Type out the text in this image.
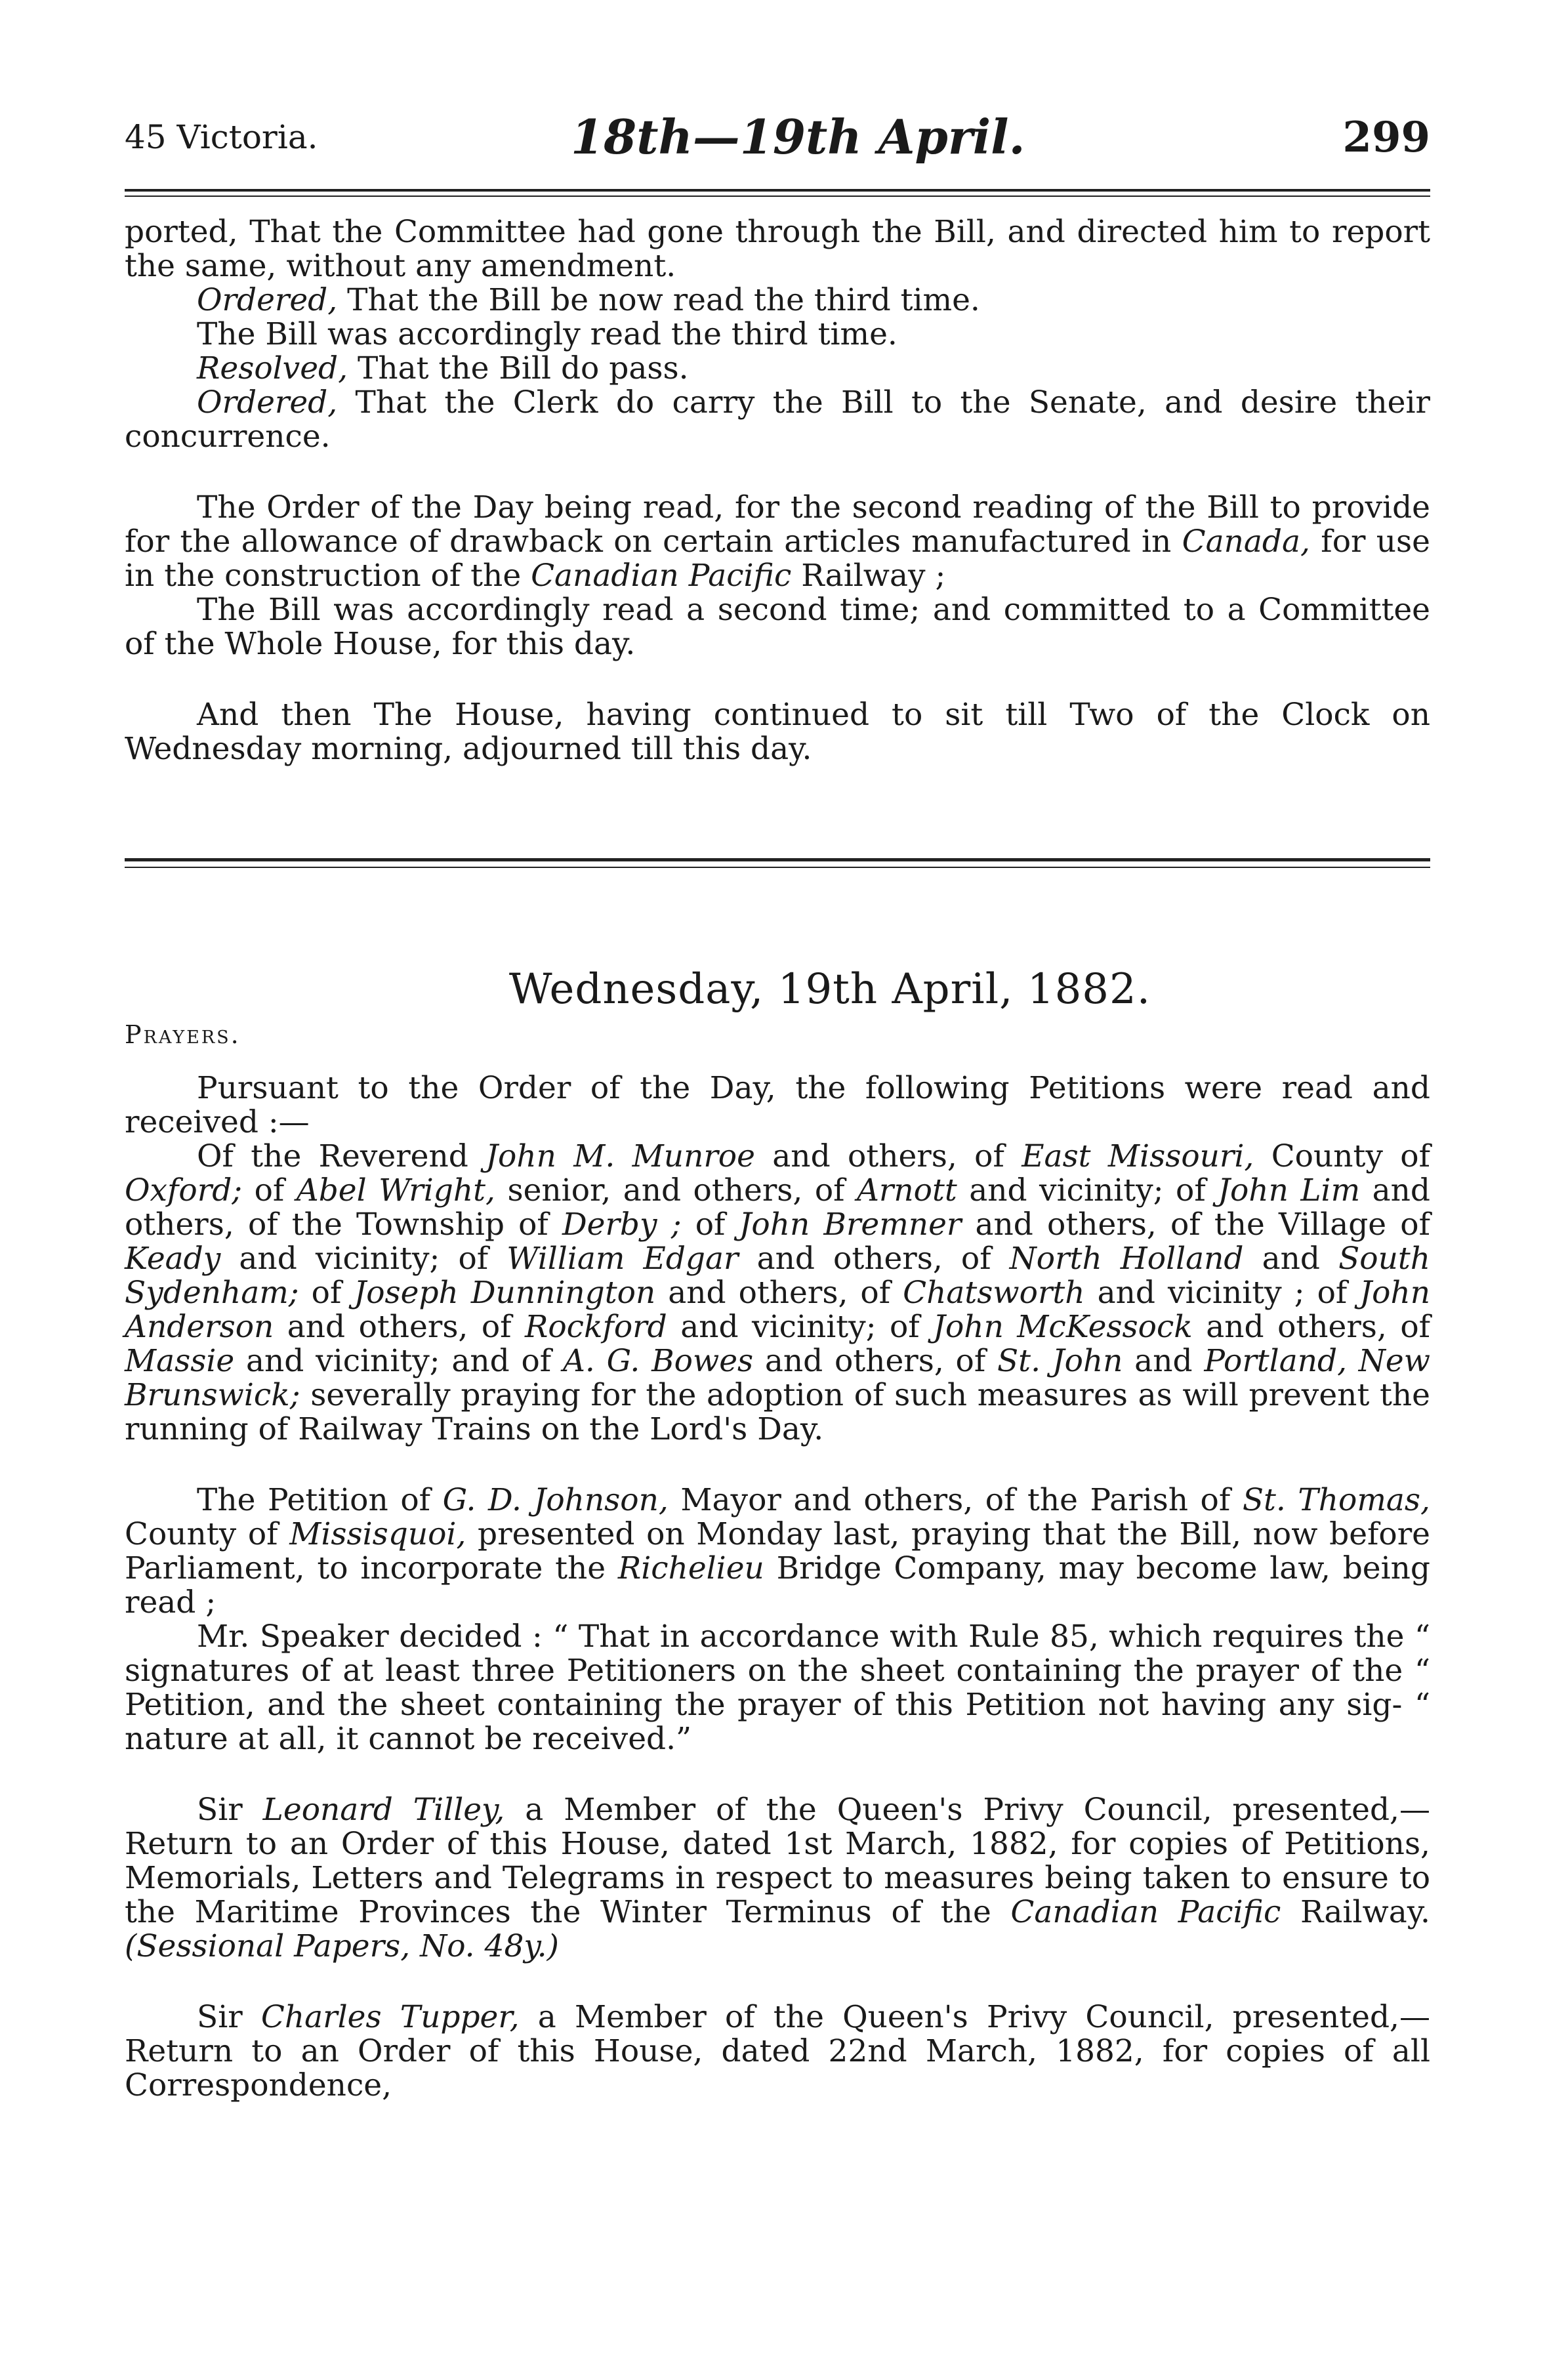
45 Victoria.	18th—19th April.	299

ported, That the Committee had gone through the Bill, and directed him to report the same, without any amendment.

Ordered, That the Bill be now read the third time.

The Bill was accordingly read the third time.

Resolved, That the Bill do pass.

Ordered, That the Clerk do carry the Bill to the Senate, and desire their concurrence.

The Order of the Day being read, for the second reading of the Bill to provide for the allowance of drawback on certain articles manufactured in Canada, for use in the construction of the Canadian Pacific Railway ;

The Bill was accordingly read a second time; and committed to a Committee of the Whole House, for this day.

And then The House, having continued to sit till Two of the Clock on Wednesday morning, adjourned till this day.

Wednesday, 19th April, 1882.
Prayers.

Pursuant to the Order of the Day, the following Petitions were read and received :—

Of the Reverend John M. Munroe and others, of East Missouri, County of Oxford; of Abel Wright, senior, and others, of Arnott and vicinity; of John Lim and others, of the Township of Derby ; of John Bremner and others, of the Village of Keady and vicinity; of William Edgar and others, of North Holland and South Sydenham; of Joseph Dunnington and others, of Chatsworth and vicinity ; of John Anderson and others, of Rockford and vicinity; of John McKessock and others, of Massie and vicinity; and of A. G. Bowes and others, of St. John and Portland, New Brunswick; severally praying for the adoption of such measures as will prevent the running of Railway Trains on the Lord's Day.

The Petition of G. D. Johnson, Mayor and others, of the Parish of St. Thomas, County of Missisquoi, presented on Monday last, praying that the Bill, now before Parliament, to incorporate the Richelieu Bridge Company, may become law, being read ;

Mr. Speaker decided : “ That in accordance with Rule 85, which requires the “ signatures of at least three Petitioners on the sheet containing the prayer of the “ Petition, and the sheet containing the prayer of this Petition not having any sig- “ nature at all, it cannot be received.”

Sir Leonard Tilley, a Member of the Queen's Privy Council, presented,—Return to an Order of this House, dated 1st March, 1882, for copies of Petitions, Memorials, Letters and Telegrams in respect to measures being taken to ensure to the Maritime Provinces the Winter Terminus of the Canadian Pacific Railway. (Sessional Papers, No. 48y.)

Sir Charles Tupper, a Member of the Queen's Privy Council, presented,—Return to an Order of this House, dated 22nd March, 1882, for copies of all Correspondence,
